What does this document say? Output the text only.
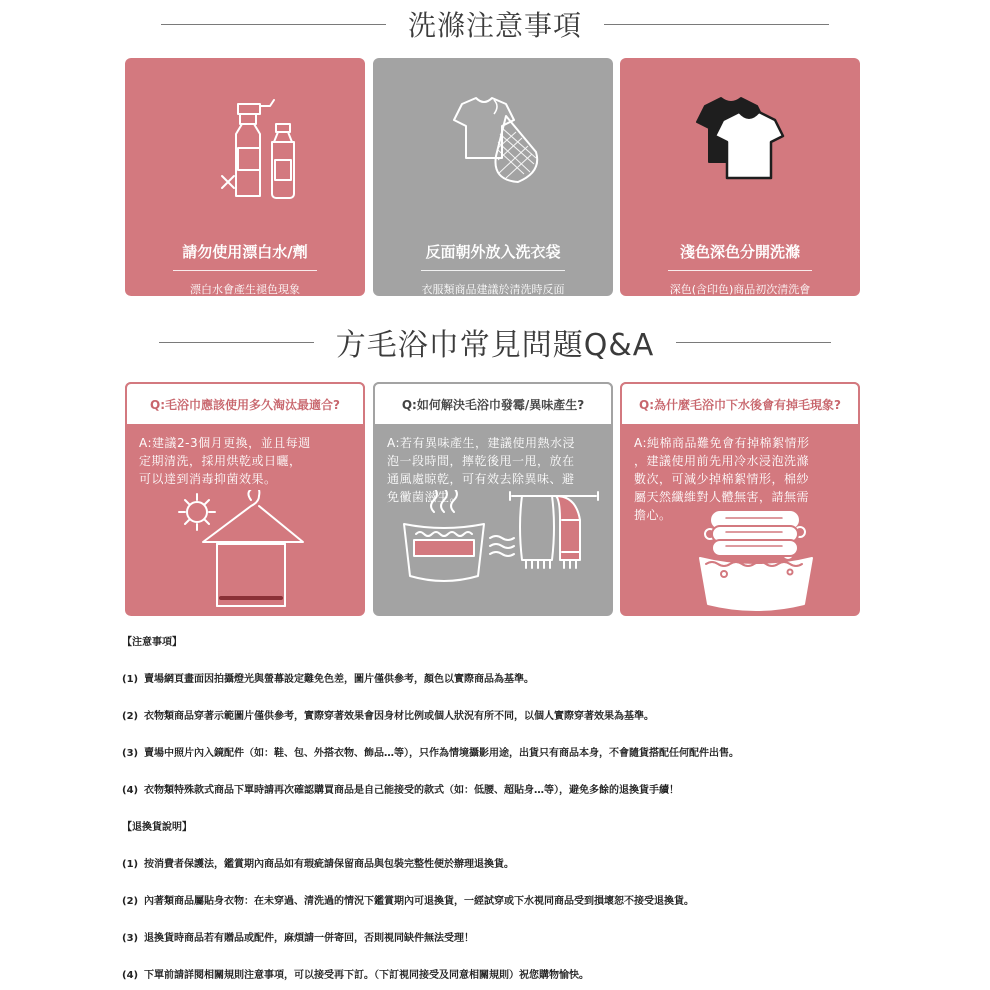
洗滌注意事項
請勿使用漂白水/劑
漂白水會產生褪色現象
及縮短織品的使用壽命。
反面朝外放入洗衣袋
衣服類商品建議於清洗時反面
朝外放入洗衣網中，再置入
洗衣機可以延長使用壽命。
淺色深色分開洗滌
深色(含印色)商品初次清洗會
有少許脫色為正常現象，建議
深色與淺色衣物分開洗滌。
方毛浴巾常見問題Q&A
Q:毛浴巾應該使用多久淘汰最適合?
A:建議2-3個月更換，並且每週
定期清洗，採用烘乾或日曬，
可以達到消毒抑菌效果。
Q:如何解決毛浴巾發霉/異味產生?
A:若有異味產生，建議使用熱水浸
泡一段時間，擰乾後甩一甩，放在
通風處晾乾，可有效去除異味、避
免黴菌滋生。
Q:為什麼毛浴巾下水後會有掉毛現象?
A:純棉商品難免會有掉棉絮情形
，建議使用前先用冷水浸泡洗滌
數次，可減少掉棉絮情形，棉紗
屬天然纖維對人體無害，請無需
擔心。
【注意事項】
(1) 賣場網頁畫面因拍攝燈光與螢幕設定難免色差，圖片僅供參考，顏色以實際商品為基準。
(2) 衣物類商品穿著示範圖片僅供參考，實際穿著效果會因身材比例或個人狀況有所不同，以個人實際穿著效果為基準。
(3) 賣場中照片內入鏡配件（如：鞋、包、外搭衣物、飾品…等），只作為情境攝影用途，出貨只有商品本身，不會隨貨搭配任何配件出售。
(4) 衣物類特殊款式商品下單時請再次確認購買商品是自己能接受的款式（如：低腰、超貼身…等），避免多餘的退換貨手續！
【退換貨說明】
(1) 按消費者保護法，鑑賞期內商品如有瑕疵請保留商品與包裝完整性便於辦理退換貨。
(2) 內著類商品屬貼身衣物：在未穿過、清洗過的情況下鑑賞期內可退換貨，一經試穿或下水視同商品受到損壞恕不接受退換貨。
(3) 退換貨時商品若有贈品或配件，麻煩請一併寄回，否則視同缺件無法受理！
(4) 下單前請詳閱相關規則注意事項，可以接受再下訂。（下訂視同接受及同意相關規則）祝您購物愉快。
